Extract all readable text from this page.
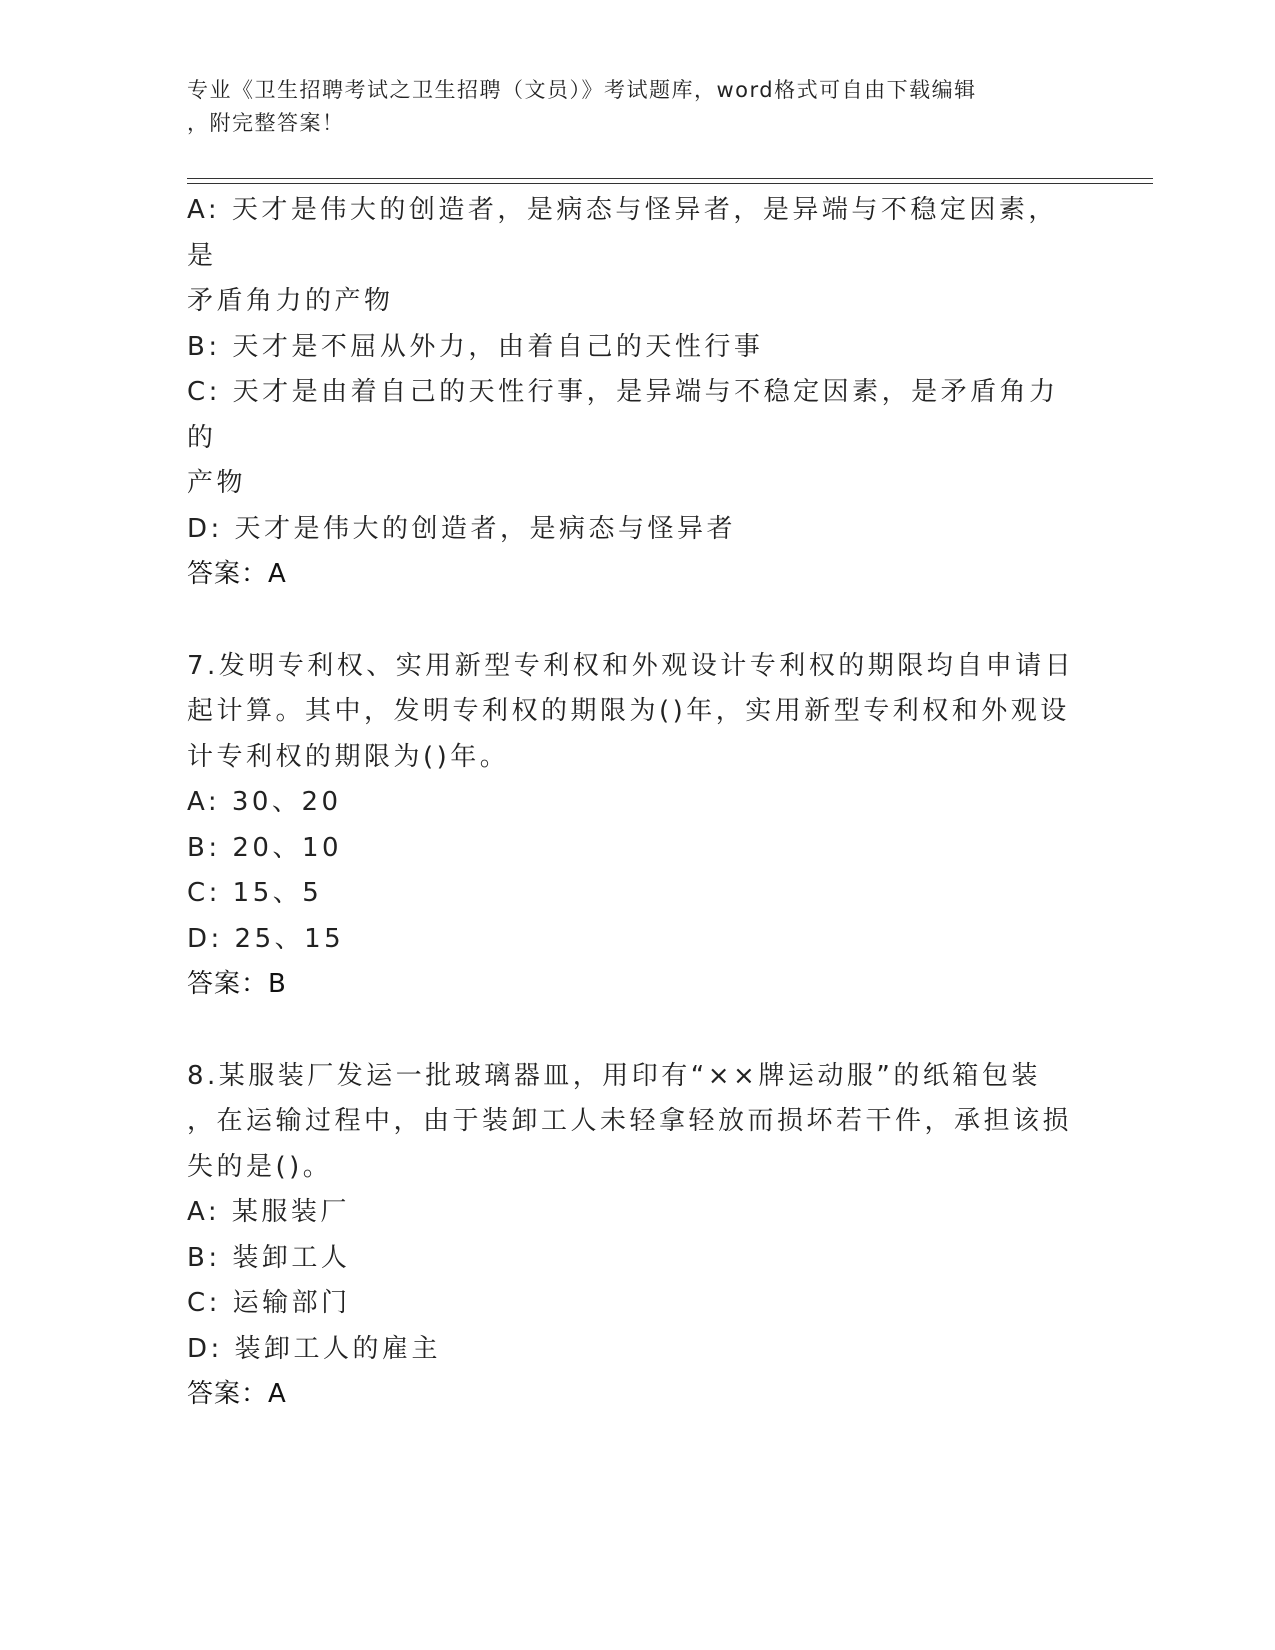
专业《卫生招聘考试之卫生招聘（文员）》考试题库，word格式可自由下载编辑
，附完整答案！
A: 天才是伟大的创造者，是病态与怪异者，是异端与不稳定因素，是
矛盾角力的产物
B: 天才是不屈从外力，由着自己的天性行事
C: 天才是由着自己的天性行事，是异端与不稳定因素，是矛盾角力的
产物
D: 天才是伟大的创造者，是病态与怪异者
答案：A
7.发明专利权、实用新型专利权和外观设计专利权的期限均自申请日
起计算。其中，发明专利权的期限为()年，实用新型专利权和外观设
计专利权的期限为()年。
A: 30、20
B: 20、10
C: 15、5
D: 25、15
答案：B
8.某服装厂发运一批玻璃器皿，用印有“××牌运动服”的纸箱包装
，在运输过程中，由于装卸工人未轻拿轻放而损坏若干件，承担该损
失的是()。
A: 某服装厂
B: 装卸工人
C: 运输部门
D: 装卸工人的雇主
答案：A
